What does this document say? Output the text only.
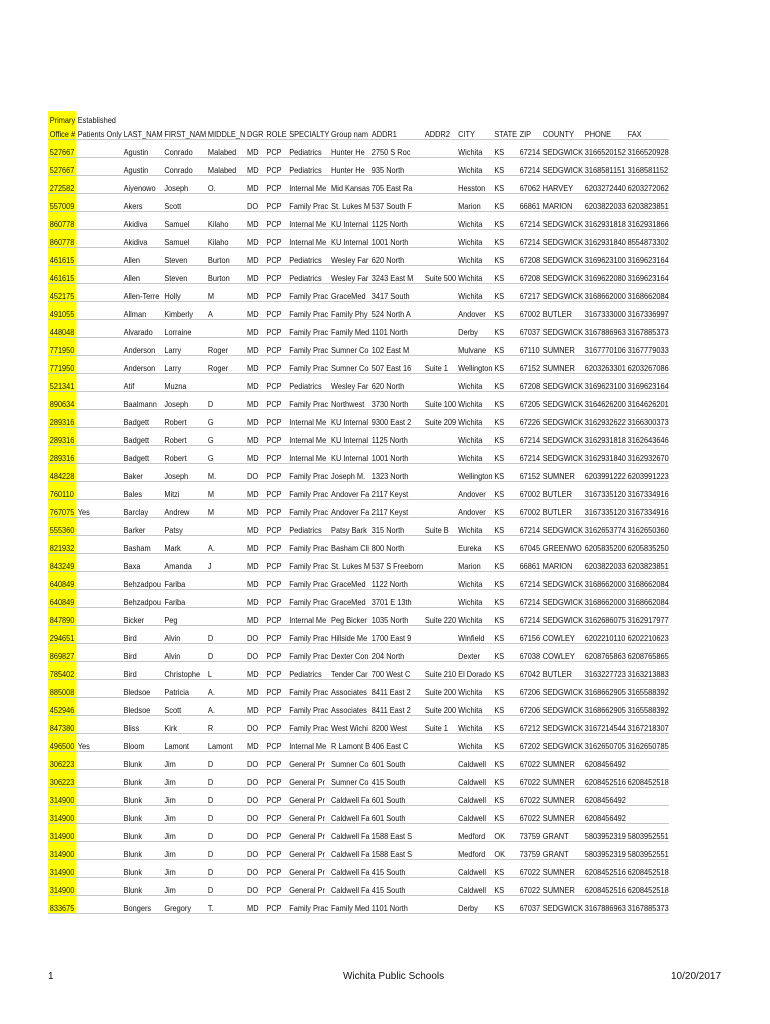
Primary	Established															
Office #	Patients Only	LAST_NAM	FIRST_NAM	MIDDLE_N	DGR	ROLE	SPECIALTY	Group nam	ADDR1	ADDR2	CITY	STATE	ZIP	COUNTY	PHONE	FAX
527667		Agustin	Conrado	Malabed	MD	PCP	Pediatrics	Hunter He	2750 S Roc		Wichita	KS	67214	SEDGWICK	3166520152	3166520928
527667		Agustin	Conrado	Malabed	MD	PCP	Pediatrics	Hunter He	935 North		Wichita	KS	67214	SEDGWICK	3168581151	3168581152
272582		Aiyenowo	Joseph	O.	MD	PCP	Internal Me	Mid Kansas	705 East Ra		Hesston	KS	67062	HARVEY	6203272440	6203272062
557009		Akers	Scott		DO	PCP	Family Prac	St. Lukes M	537 South F		Marion	KS	66861	MARION	6203822033	6203823851
860778		Akidiva	Samuel	Kilaho	MD	PCP	Internal Me	KU Internal	1125 North		Wichita	KS	67214	SEDGWICK	3162931818	3162931866
860778		Akidiva	Samuel	Kilaho	MD	PCP	Internal Me	KU Internal	1001 North		Wichita	KS	67214	SEDGWICK	3162931840	8554873302
461615		Allen	Steven	Burton	MD	PCP	Pediatrics	Wesley Far	620 North		Wichita	KS	67208	SEDGWICK	3169623100	3169623164
461615		Allen	Steven	Burton	MD	PCP	Pediatrics	Wesley Far	3243 East M	Suite 500	Wichita	KS	67208	SEDGWICK	3169622080	3169623164
452175		Allen-Terre	Holly	M	MD	PCP	Family Prac	GraceMed	3417 South		Wichita	KS	67217	SEDGWICK	3168662000	3168662084
491055		Allman	Kimberly	A	MD	PCP	Family Prac	Family Phy	524 North A		Andover	KS	67002	BUTLER	3167333000	3167336997
448048		Alvarado	Lorraine		MD	PCP	Family Prac	Family Med	1101 North		Derby	KS	67037	SEDGWICK	3167886963	3167885373
771950		Anderson	Larry	Roger	MD	PCP	Family Prac	Sumner Co	102 East M		Mulvane	KS	67110	SUMNER	3167770106	3167779033
771950		Anderson	Larry	Roger	MD	PCP	Family Prac	Sumner Co	507 East 16	Suite 1	Wellington	KS	67152	SUMNER	6203263301	6203267086
521341		Atif	Muzna		MD	PCP	Pediatrics	Wesley Far	620 North		Wichita	KS	67208	SEDGWICK	3169623100	3169623164
890634		Baalmann	Joseph	D	MD	PCP	Family Prac	Northwest	3730 North	Suite 100	Wichita	KS	67205	SEDGWICK	3164626200	3164626201
289316		Badgett	Robert	G	MD	PCP	Internal Me	KU Internal	9300 East 2	Suite 209	Wichita	KS	67226	SEDGWICK	3162932622	3166300373
289316		Badgett	Robert	G	MD	PCP	Internal Me	KU Internal	1125 North		Wichita	KS	67214	SEDGWICK	3162931818	3162643646
289316		Badgett	Robert	G	MD	PCP	Internal Me	KU Internal	1001 North		Wichita	KS	67214	SEDGWICK	3162931840	3162932670
484228		Baker	Joseph	M.	DO	PCP	Family Prac	Joseph M.	1323 North		Wellington	KS	67152	SUMNER	6203991222	6203991223
760110		Bales	Mitzi	M	MD	PCP	Family Prac	Andover Fa	2117 Keyst		Andover	KS	67002	BUTLER	3167335120	3167334916
767075	Yes	Barclay	Andrew	M	MD	PCP	Family Prac	Andover Fa	2117 Keyst		Andover	KS	67002	BUTLER	3167335120	3167334916
555360		Barker	Patsy		MD	PCP	Pediatrics	Patsy Bark	315 North	Suite B	Wichita	KS	67214	SEDGWICK	3162653774	3162650360
821932		Basham	Mark	A.	MD	PCP	Family Prac	Basham Cli	800 North		Eureka	KS	67045	GREENWO	6205835200	6205835250
843249		Baxa	Amanda	J	MD	PCP	Family Prac	St. Lukes M	537 S Freeborn		Marion	KS	66861	MARION	6203822033	6203823851
640849		Behzadpou	Fariba		MD	PCP	Family Prac	GraceMed	1122 North		Wichita	KS	67214	SEDGWICK	3168662000	3168662084
640849		Behzadpou	Fariba		MD	PCP	Family Prac	GraceMed	3701 E 13th		Wichita	KS	67214	SEDGWICK	3168662000	3168662084
847890		Bicker	Peg		MD	PCP	Internal Me	Peg Bicker	1035 North	Suite 220	Wichita	KS	67214	SEDGWICK	3162686075	3162917977
294651		Bird	Alvin	D	DO	PCP	Family Prac	Hillside Me	1700 East 9		Winfield	KS	67156	COWLEY	6202210110	6202210623
869827		Bird	Alvin	D	DO	PCP	Family Prac	Dexter Con	204 North		Dexter	KS	67038	COWLEY	6208765863	6208765865
785402		Bird	Christophe	L	MD	PCP	Pediatrics	Tender Car	700 West C	Suite 210	El Dorado	KS	67042	BUTLER	3163227723	3163213883
885008		Bledsoe	Patricia	A.	MD	PCP	Family Prac	Associates	8411 East 2	Suite 200	Wichita	KS	67206	SEDGWICK	3168662905	3165588392
452946		Bledsoe	Scott	A.	MD	PCP	Family Prac	Associates	8411 East 2	Suite 200	Wichita	KS	67206	SEDGWICK	3168662905	3165588392
847380		Bliss	Kirk	R	DO	PCP	Family Prac	West Wichi	8200 West	Suite 1	Wichita	KS	67212	SEDGWICK	3167214544	3167218307
496500	Yes	Bloom	Lamont	Lamont	MD	PCP	Internal Me	R Lamont B	406 East C		Wichita	KS	67202	SEDGWICK	3162650705	3162650785
306223		Blunk	Jim	D	DO	PCP	General Pr	Sumner Co	601 South		Caldwell	KS	67022	SUMNER	6208456492	
306223		Blunk	Jim	D	DO	PCP	General Pr	Sumner Co	415 South		Caldwell	KS	67022	SUMNER	6208452516	6208452518
314900		Blunk	Jim	D	DO	PCP	General Pr	Caldwell Fa	601 South		Caldwell	KS	67022	SUMNER	6208456492	
314900		Blunk	Jim	D	DO	PCP	General Pr	Caldwell Fa	601 South		Caldwell	KS	67022	SUMNER	6208456492	
314900		Blunk	Jim	D	DO	PCP	General Pr	Caldwell Fa	1588 East S		Medford	OK	73759	GRANT	5803952319	5803952551
314900		Blunk	Jim	D	DO	PCP	General Pr	Caldwell Fa	1588 East S		Medford	OK	73759	GRANT	5803952319	5803952551
314900		Blunk	Jim	D	DO	PCP	General Pr	Caldwell Fa	415 South		Caldwell	KS	67022	SUMNER	6208452516	6208452518
314900		Blunk	Jim	D	DO	PCP	General Pr	Caldwell Fa	415 South		Caldwell	KS	67022	SUMNER	6208452516	6208452518
833675		Bongers	Gregory	T.	MD	PCP	Family Prac	Family Med	1101 North		Derby	KS	67037	SEDGWICK	3167886963	3167885373
1	Wichita Public Schools	10/20/2017
